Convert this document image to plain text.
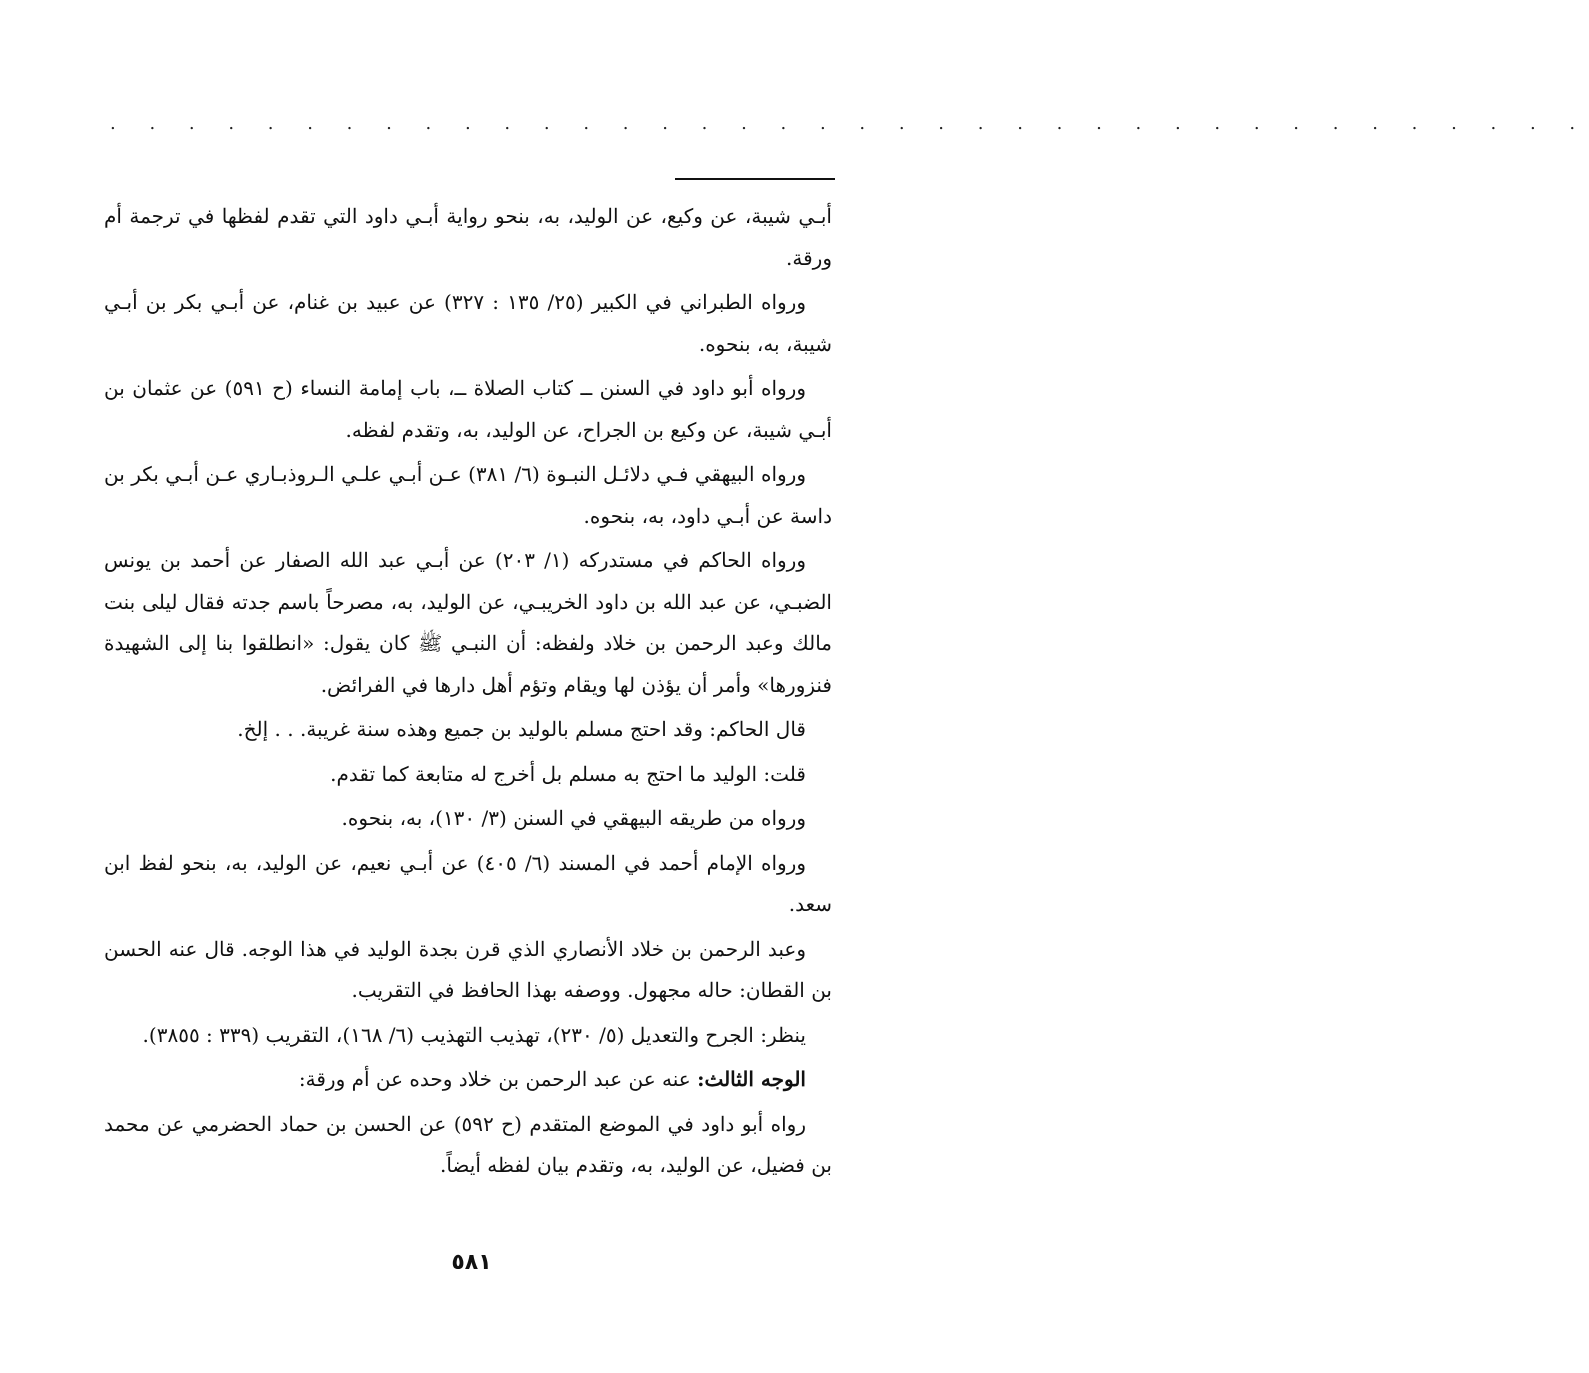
. . . . . . . . . . . . . . . . . . . . . . . . . . . . . . . . . . . . . .

أبـي شيبة، عن وكيع، عن الوليد، به، بنحو رواية أبـي داود التي تقدم لفظها في ترجمة أم ورقة.

ورواه الطبراني في الكبير (٢٥/ ١٣٥ : ٣٢٧) عن عبيد بن غنام، عن أبـي بكر بن أبـي شيبة، به، بنحوه.

ورواه أبو داود في السنن ــ كتاب الصلاة ــ، باب إمامة النساء (ح ٥٩١) عن عثمان بن أبـي شيبة، عن وكيع بن الجراح، عن الوليد، به، وتقدم لفظه.

ورواه البيهقي فـي دلائـل النبـوة (٦/ ٣٨١) عـن أبـي علـي الـروذبـاري عـن أبـي بكر بن داسة عن أبـي داود، به، بنحوه.

ورواه الحاكم في مستدركه (١/ ٢٠٣) عن أبـي عبد الله الصفار عن أحمد بن يونس الضبـي، عن عبد الله بن داود الخريبـي، عن الوليد، به، مصرحاً باسم جدته فقال ليلى بنت مالك وعبد الرحمن بن خلاد ولفظه: أن النبـي ﷺ كان يقول: «انطلقوا بنا إلى الشهيدة فنزورها» وأمر أن يؤذن لها ويقام وتؤم أهل دارها في الفرائض.

قال الحاكم: وقد احتج مسلم بالوليد بن جميع وهذه سنة غريبة. . . إلخ.

قلت: الوليد ما احتج به مسلم بل أخرج له متابعة كما تقدم.

ورواه من طريقه البيهقي في السنن (٣/ ١٣٠)، به، بنحوه.

ورواه الإمام أحمد في المسند (٦/ ٤٠٥) عن أبـي نعيم، عن الوليد، به، بنحو لفظ ابن سعد.

وعبد الرحمن بن خلاد الأنصاري الذي قرن بجدة الوليد في هذا الوجه. قال عنه الحسن بن القطان: حاله مجهول. ووصفه بهذا الحافظ في التقريب.

ينظر: الجرح والتعديل (٥/ ٢٣٠)، تهذيب التهذيب (٦/ ١٦٨)، التقريب (٣٣٩ : ٣٨٥٥).

الوجه الثالث: عنه عن عبد الرحمن بن خلاد وحده عن أم ورقة:

رواه أبو داود في الموضع المتقدم (ح ٥٩٢) عن الحسن بن حماد الحضرمي عن محمد بن فضيل، عن الوليد، به، وتقدم بيان لفظه أيضاً.

٥٨١
